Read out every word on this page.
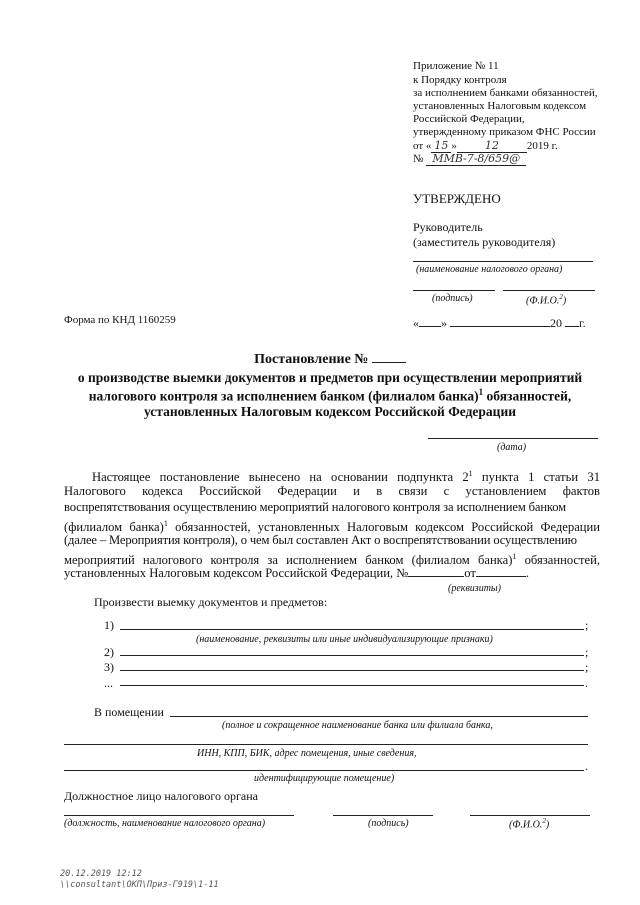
Приложение № 11
к Порядку контроля
за исполнением банками обязанностей,
установленных Налоговым кодексом
Российской Федерации,
утвержденному приказом ФНС России
от « 15 »	12	2019 г.
№ ММВ-7-8/659@
УТВЕРЖДЕНО
Руководитель
(заместитель руководителя)
(наименование налогового органа)
(подпись)	(Ф.И.О.$^2$)
« »	20 г.
Форма по КНД 1160259
Постановление №
о производстве выемки документов и предметов при осуществлении мероприятий
налогового контроля за исполнением банком (филиалом банка)$^1$ обязанностей,
установленных Налоговым кодексом Российской Федерации
(дата)
Настоящее постановление вынесено на основании подпункта $2^1$ пункта 1 статьи 31
Налогового кодекса Российской Федерации и в связи с установлением фактов
воспрепятствования осуществлению мероприятий налогового контроля за исполнением банком
(филиалом банка)$^1$ обязанностей, установленных Налоговым кодексом Российской Федерации
(далее – Мероприятия контроля), о чем был составлен Акт о воспрепятствовании осуществлению
мероприятий налогового контроля за исполнением банком (филиалом банка)$^1$ обязанностей,
установленных Налоговым кодексом Российской Федерации, №	от	.
(реквизиты)
Произвести выемку документов и предметов:
1)	;
(наименование, реквизиты или иные индивидуализирующие признаки)
2)	;
3)	;
...	.
В помещении
(полное и сокращенное наименование банка или филиала банка,
ИНН, КПП, БИК, адрес помещения, иные сведения,
.
идентифицирующие помещение)
Должностное лицо налогового органа
(должность, наименование налогового органа)	(подпись)	(Ф.И.О.$^2$)
20.12.2019 12:12
\\consultant\ОКП\Приз-Г919\1-11
